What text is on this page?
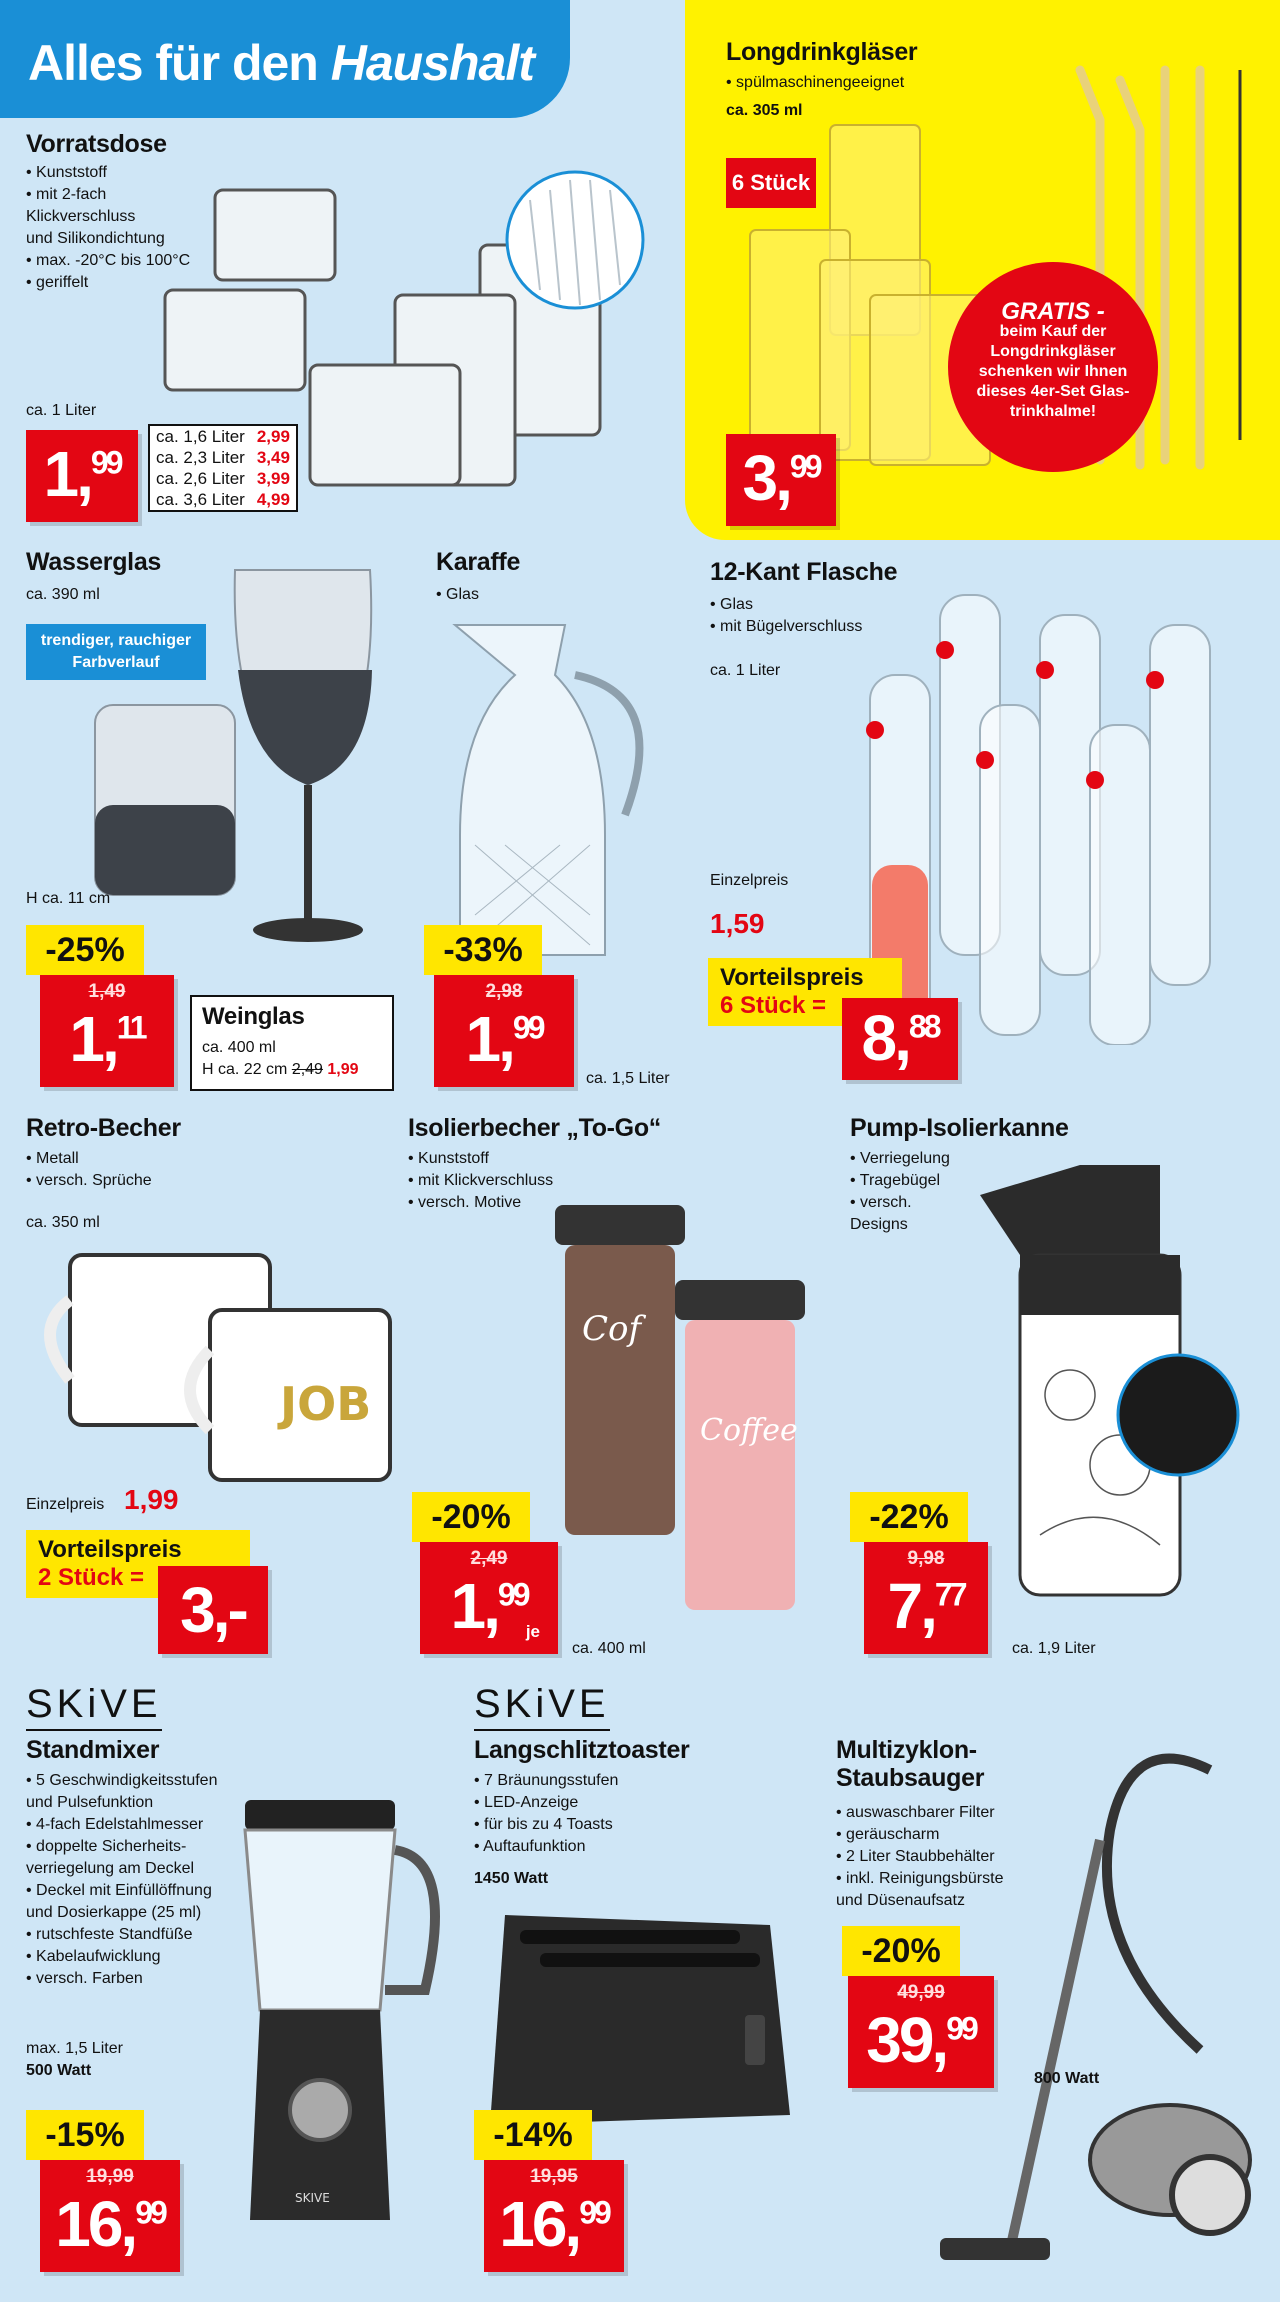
Alles für den Haushalt
Vorratsdose
• Kunststoff
• mit 2-fach
Klickverschluss
und Silikondichtung
• max. -20°C bis 100°C
• geriffelt
ca. 1 Liter
1,99
ca. 1,6 Liter	2,99
ca. 2,3 Liter	3,49
ca. 2,6 Liter	3,99
ca. 3,6 Liter	4,99
Longdrinkgläser
• spülmaschinengeeignet
ca. 305 ml
6 Stück
GRATIS -
beim Kauf der
Longdrinkgläser
schenken wir Ihnen
dieses 4er-Set Glas-
trinkhalme!
3,99
Wasserglas
ca. 390 ml
trendiger, rauchiger
Farbverlauf
H ca. 11 cm
-25%
1,49
1,11	Weinglas
ca. 400 ml
H ca. 22 cm 2,49 1,99
Karaffe
• Glas
-33%
2,98
1,99
ca. 1,5 Liter
12-Kant Flasche
• Glas
• mit Bügelverschluss
ca. 1 Liter
Einzelpreis
1,59
Vorteilspreis
6 Stück = 8,88
Retro-Becher
• Metall
• versch. Sprüche
ca. 350 ml
JOB
Einzelpreis 1,99
Vorteilspreis
2 Stück = 3,-
Isolierbecher „To-Go“
• Kunststoff
• mit Klickverschluss
• versch. Motive
Cof
Coffee
-20%
2,49
1,99
je
ca. 400 ml
Pump-Isolierkanne
• Verriegelung
• Tragebügel
• versch.
Designs
-22%
9,98
7,77
ca. 1,9 Liter
SKiVE
Standmixer
• 5 Geschwindigkeitsstufen
und Pulsefunktion
• 4-fach Edelstahlmesser
• doppelte Sicherheits-
verriegelung am Deckel
• Deckel mit Einfüllöffnung
und Dosierkappe (25 ml)
• rutschfeste Standfüße
• Kabelaufwicklung
• versch. Farben
max. 1,5 Liter
500 Watt
SKIVE
-15%
19,99
16,99
SKiVE
Langschlitztoaster
• 7 Bräunungsstufen
• LED-Anzeige
• für bis zu 4 Toasts
• Auftaufunktion
1450 Watt
-14%
19,95
16,99
Multizyklon-
Staubsauger
• auswaschbarer Filter
• geräuscharm
• 2 Liter Staubbehälter
• inkl. Reinigungsbürste
und Düsenaufsatz
-20%
49,99
39,99
800 Watt
